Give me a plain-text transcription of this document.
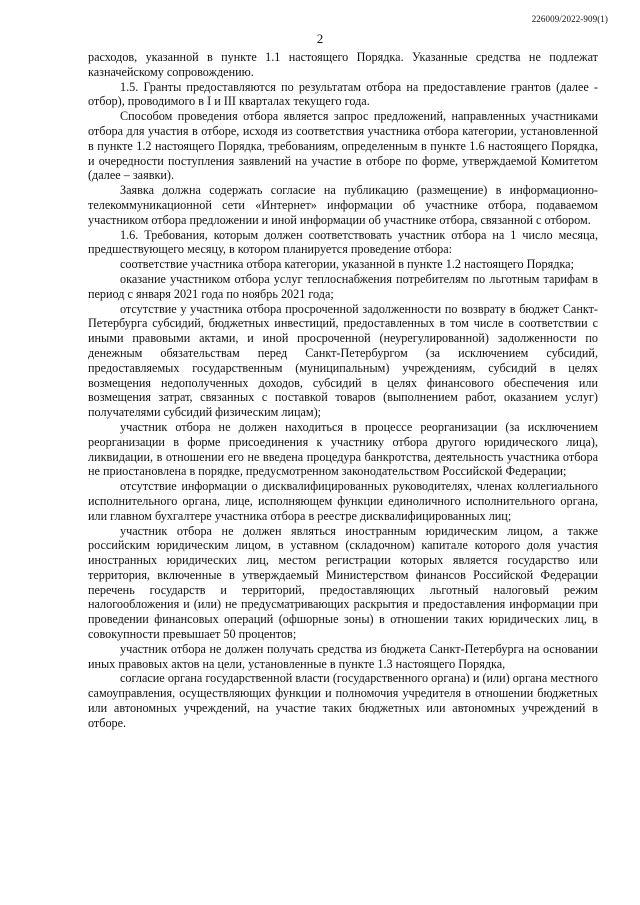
226009/2022-909(1)
2

расходов, указанной в пункте 1.1 настоящего Порядка. Указанные средства не подлежат казначейскому сопровождению.

1.5. Гранты предоставляются по результатам отбора на предоставление грантов (далее - отбор), проводимого в I и III кварталах текущего года.

Способом проведения отбора является запрос предложений, направленных участниками отбора для участия в отборе, исходя из соответствия участника отбора категории, установленной в пункте 1.2 настоящего Порядка, требованиям, определенным в пункте 1.6 настоящего Порядка, и очередности поступления заявлений на участие в отборе по форме, утверждаемой Комитетом (далее – заявки).

Заявка должна содержать согласие на публикацию (размещение) в информационно-телекоммуникационной сети «Интернет» информации об участнике отбора, подаваемом участником отбора предложении и иной информации об участнике отбора, связанной с отбором.

1.6. Требования, которым должен соответствовать участник отбора на 1 число месяца, предшествующего месяцу, в котором планируется проведение отбора:

соответствие участника отбора категории, указанной в пункте 1.2 настоящего Порядка;

оказание участником отбора услуг теплоснабжения потребителям по льготным тарифам в период с января 2021 года по ноябрь 2021 года;

отсутствие у участника отбора просроченной задолженности по возврату в бюджет Санкт-Петербурга субсидий, бюджетных инвестиций, предоставленных в том числе в соответствии с иными правовыми актами, и иной просроченной (неурегулированной) задолженности по денежным обязательствам перед Санкт-Петербургом (за исключением субсидий, предоставляемых государственным (муниципальным) учреждениям, субсидий в целях возмещения недополученных доходов, субсидий в целях финансового обеспечения или возмещения затрат, связанных с поставкой товаров (выполнением работ, оказанием услуг) получателями субсидий физическим лицам);

участник отбора не должен находиться в процессе реорганизации (за исключением реорганизации в форме присоединения к участнику отбора другого юридического лица), ликвидации, в отношении его не введена процедура банкротства, деятельность участника отбора не приостановлена в порядке, предусмотренном законодательством Российской Федерации;

отсутствие информации о дисквалифицированных руководителях, членах коллегиального исполнительного органа, лице, исполняющем функции единоличного исполнительного органа, или главном бухгалтере участника отбора в реестре дисквалифицированных лиц;

участник отбора не должен являться иностранным юридическим лицом, а также российским юридическим лицом, в уставном (складочном) капитале которого доля участия иностранных юридических лиц, местом регистрации которых является государство или территория, включенные в утверждаемый Министерством финансов Российской Федерации перечень государств и территорий, предоставляющих льготный налоговый режим налогообложения и (или) не предусматривающих раскрытия и предоставления информации при проведении финансовых операций (офшорные зоны) в отношении таких юридических лиц, в совокупности превышает 50 процентов;

участник отбора не должен получать средства из бюджета Санкт-Петербурга на основании иных правовых актов на цели, установленные в пункте 1.3 настоящего Порядка,

согласие органа государственной власти (государственного органа) и (или) органа местного самоуправления, осуществляющих функции и полномочия учредителя в отношении бюджетных или автономных учреждений, на участие таких бюджетных или автономных учреждений в отборе.
